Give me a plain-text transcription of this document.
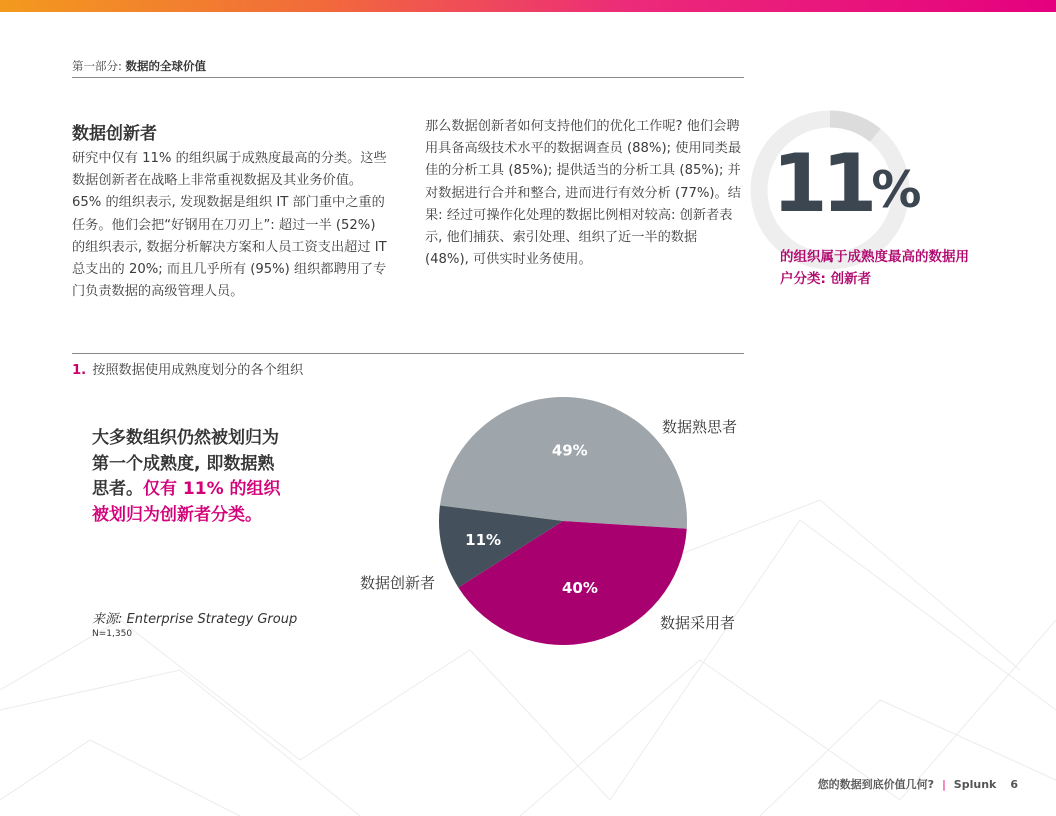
第一部分: 数据的全球价值
数据创新者
研究中仅有 11% 的组织属于成熟度最高的分类。这些数据创新者在战略上非常重视数据及其业务价值。65% 的组织表示, 发现数据是组织 IT 部门重中之重的任务。他们会把“好钢用在刀刃上”: 超过一半 (52%) 的组织表示, 数据分析解决方案和人员工资支出超过 IT 总支出的 20%; 而且几乎所有 (95%) 组织都聘用了专门负责数据的高级管理人员。
那么数据创新者如何支持他们的优化工作呢? 他们会聘用具备高级技术水平的数据调查员 (88%); 使用同类最佳的分析工具 (85%); 提供适当的分析工具 (85%); 并对数据进行合并和整合, 进而进行有效分析 (77%)。结果: 经过可操作化处理的数据比例相对较高: 创新者表示, 他们捕获、索引处理、组织了近一半的数据 (48%), 可供实时业务使用。
11%
的组织属于成熟度最高的数据用户分类: 创新者
1. 按照数据使用成熟度划分的各个组织
大多数组织仍然被划归为第一个成熟度, 即数据熟思者。仅有 11% 的组织被划归为创新者分类。
来源: Enterprise Strategy Group
N=1,350
49%
数据熟思者
40%
数据采用者
11%
数据创新者
您的数据到底价值几何? | Splunk 6
